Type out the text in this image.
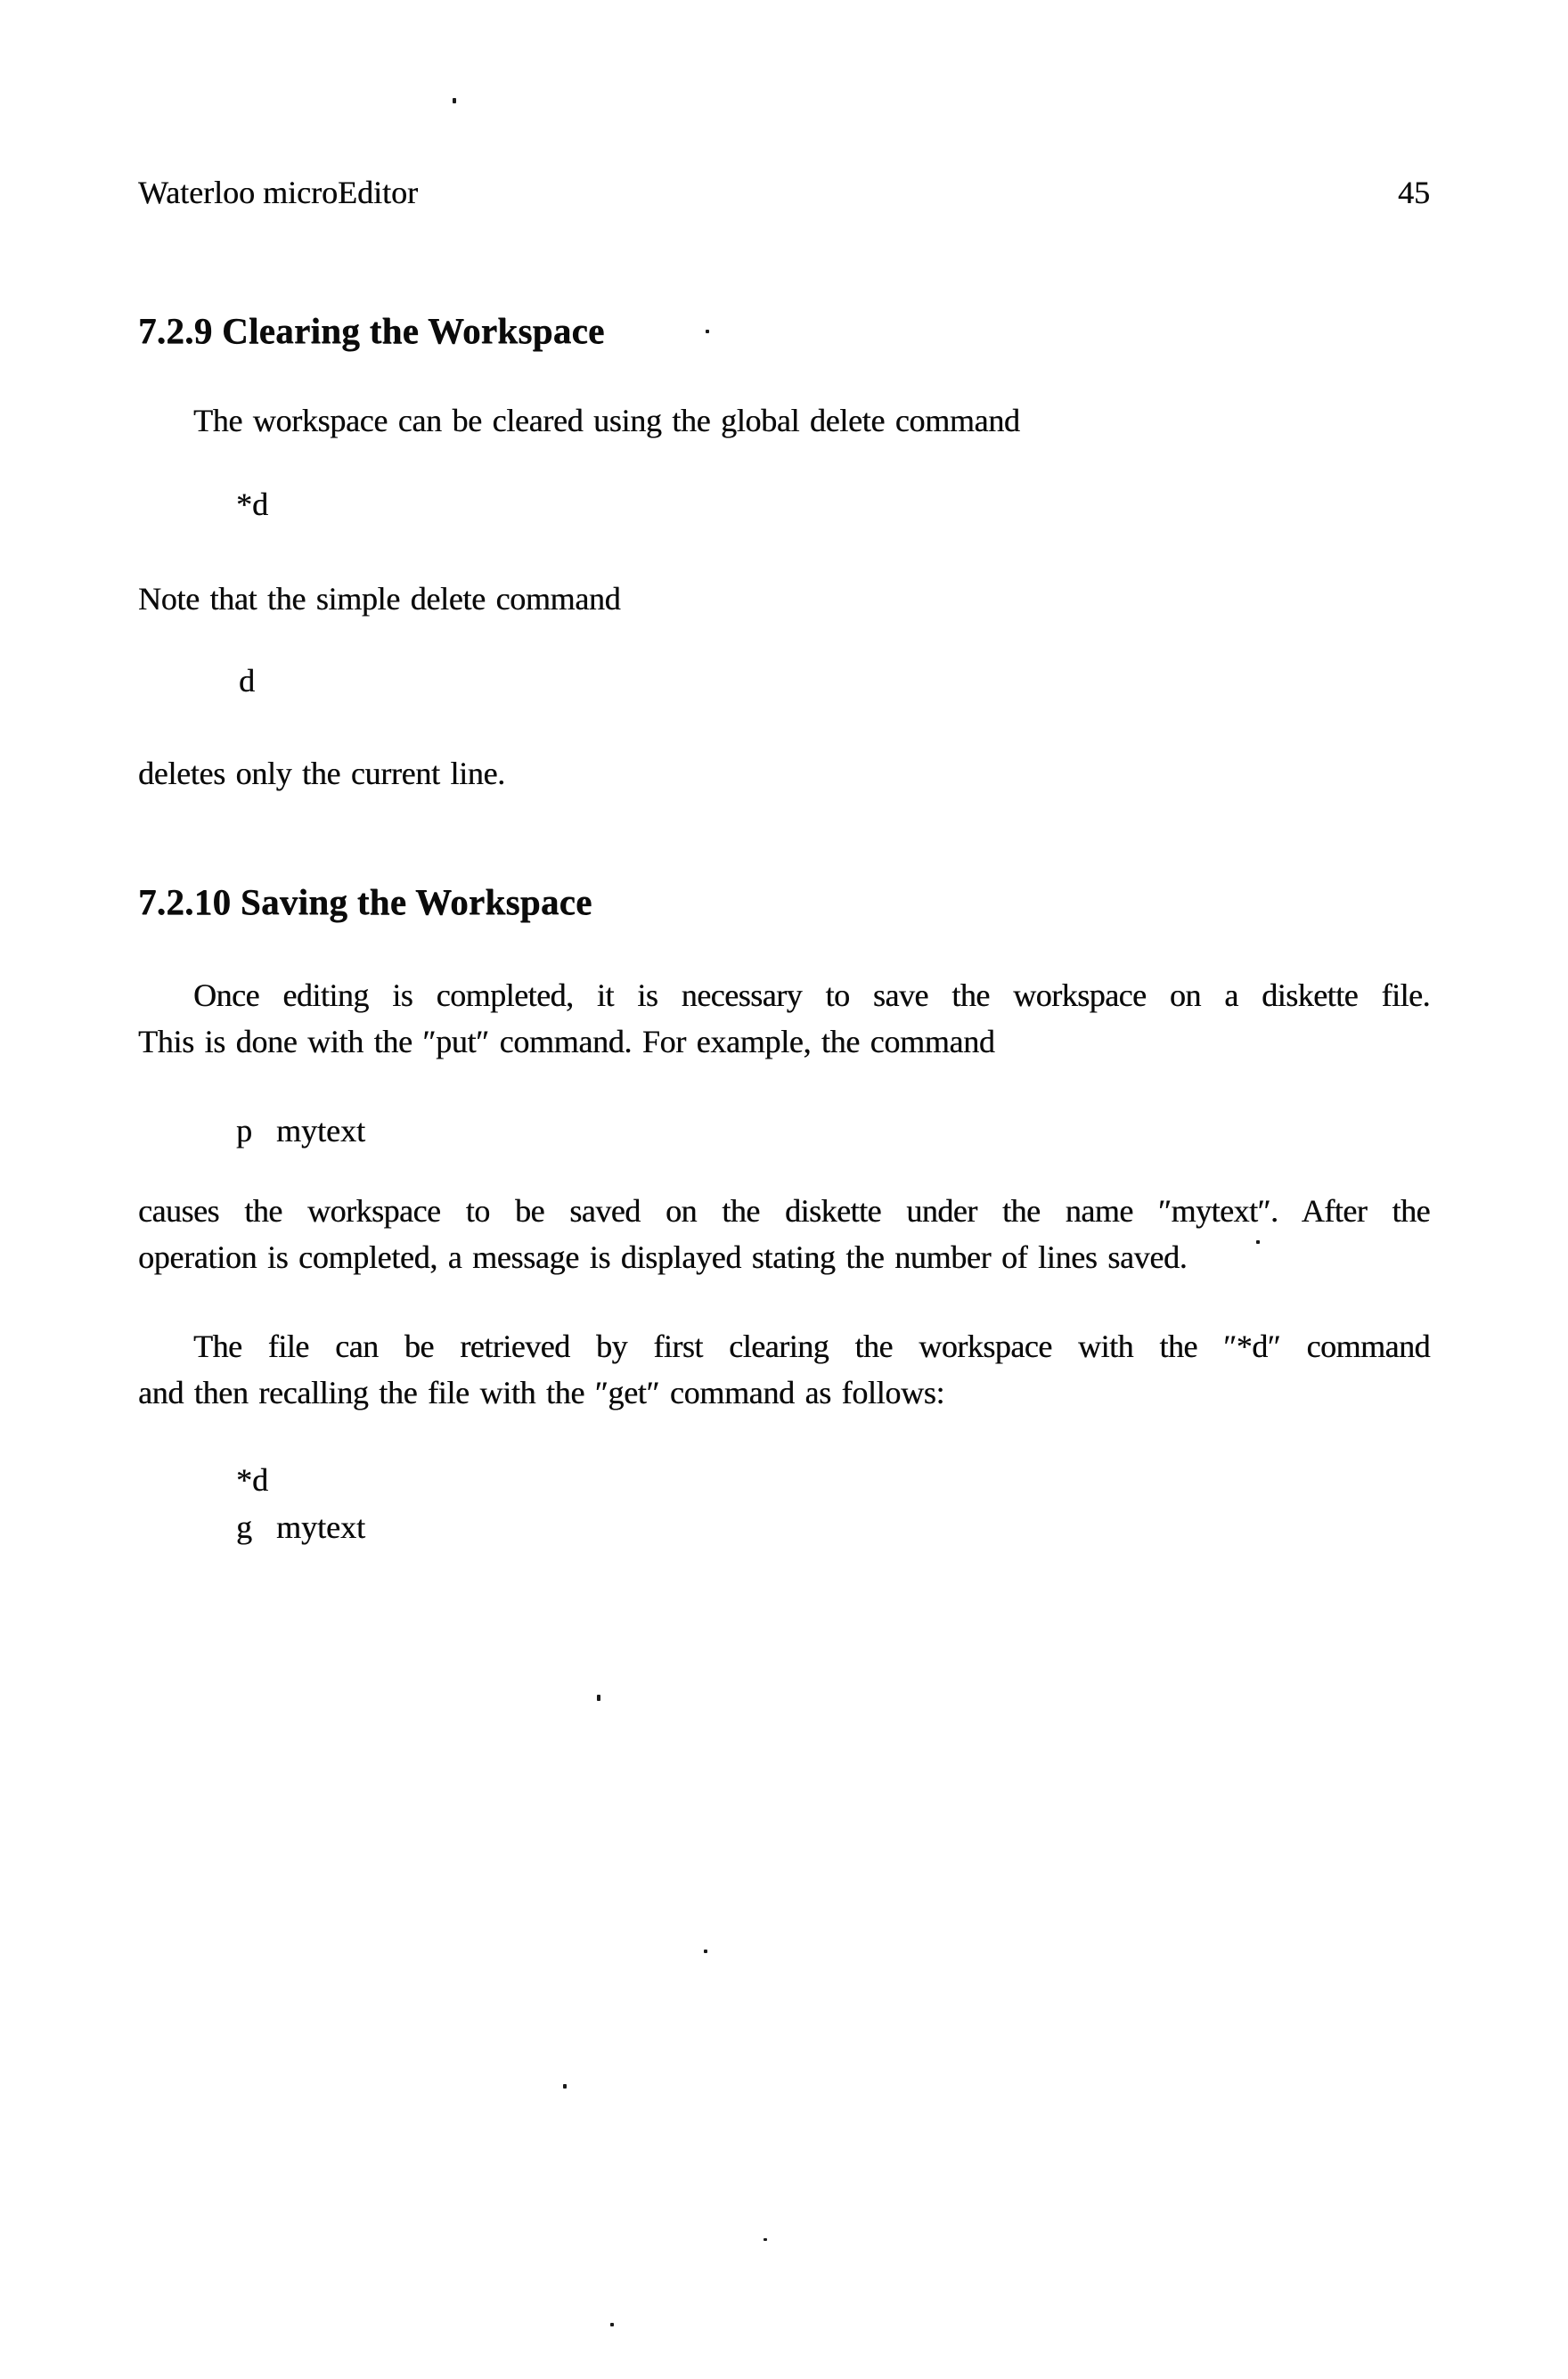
Waterloo microEditor	45
7.2.9 Clearing the Workspace
The workspace can be cleared using the global delete command
*d
Note that the simple delete command
d
deletes only the current line.
7.2.10 Saving the Workspace
Once editing is completed, it is necessary to save the workspace on a diskette file.
This is done with the ″put″ command. For example, the command
p mytext
causes the workspace to be saved on the diskette under the name ″mytext″. After the
operation is completed, a message is displayed stating the number of lines saved.
The file can be retrieved by first clearing the workspace with the ″*d″ command
and then recalling the file with the ″get″ command as follows:
*d
g mytext
